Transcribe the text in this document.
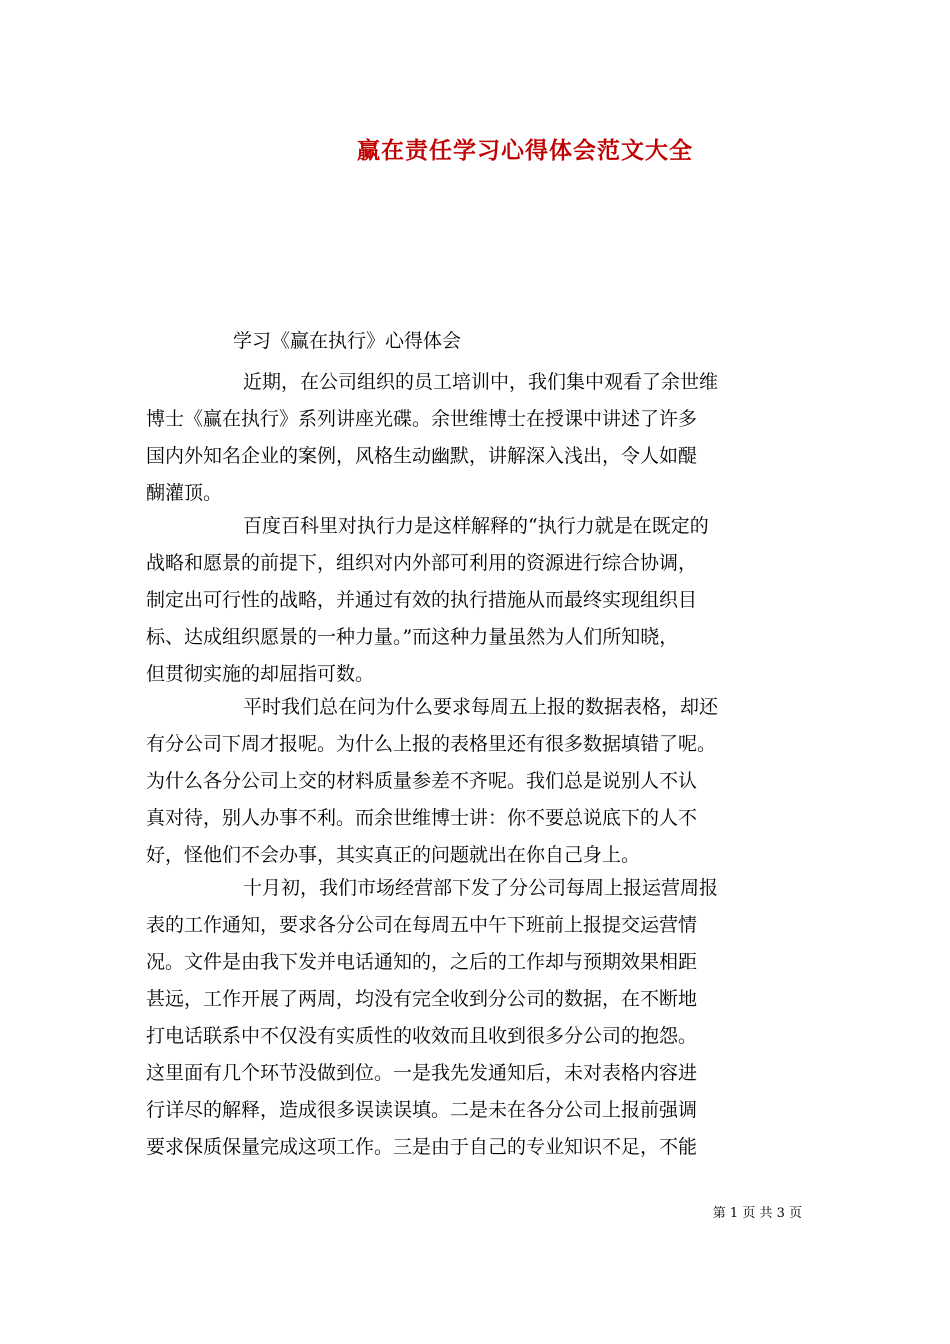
赢在责任学习心得体会范文大全
学习《赢在执行》心得体会
近期，在公司组织的员工培训中，我们集中观看了余世维
博士《赢在执行》系列讲座光碟。余世维博士在授课中讲述了许多
国内外知名企业的案例，风格生动幽默，讲解深入浅出，令人如醍
醐灌顶。
百度百科里对执行力是这样解释的“执行力就是在既定的
战略和愿景的前提下，组织对内外部可利用的资源进行综合协调，
制定出可行性的战略，并通过有效的执行措施从而最终实现组织目
标、达成组织愿景的一种力量。”而这种力量虽然为人们所知晓，
但贯彻实施的却屈指可数。
平时我们总在问为什么要求每周五上报的数据表格，却还
有分公司下周才报呢。为什么上报的表格里还有很多数据填错了呢。
为什么各分公司上交的材料质量参差不齐呢。我们总是说别人不认
真对待，别人办事不利。而余世维博士讲：你不要总说底下的人不
好，怪他们不会办事，其实真正的问题就出在你自己身上。
十月初，我们市场经营部下发了分公司每周上报运营周报
表的工作通知，要求各分公司在每周五中午下班前上报提交运营情
况。文件是由我下发并电话通知的，之后的工作却与预期效果相距
甚远，工作开展了两周，均没有完全收到分公司的数据，在不断地
打电话联系中不仅没有实质性的收效而且收到很多分公司的抱怨。
这里面有几个环节没做到位。一是我先发通知后，未对表格内容进
行详尽的解释，造成很多误读误填。二是未在各分公司上报前强调
要求保质保量完成这项工作。三是由于自己的专业知识不足，不能
第 1 页 共 3 页
